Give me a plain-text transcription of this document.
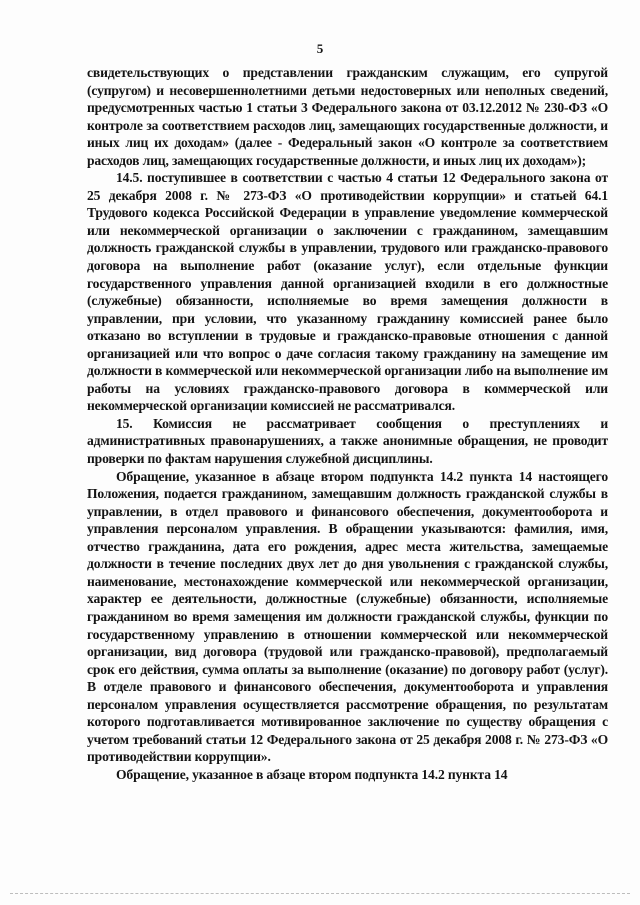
5

свидетельствующих о представлении гражданским служащим, его супругой (супругом) и несовершеннолетними детьми недостоверных или неполных сведений, предусмотренных частью 1 статьи 3 Федерального закона от 03.12.2012 № 230-ФЗ «О контроле за соответствием расходов лиц, замещающих государственные должности, и иных лиц их доходам» (далее - Федеральный закон «О контроле за соответствием расходов лиц, замещающих государственные должности, и иных лиц их доходам»);

14.5. поступившее в соответствии с частью 4 статьи 12 Федерального закона от 25 декабря 2008 г. № 273-ФЗ «О противодействии коррупции» и статьей 64.1 Трудового кодекса Российской Федерации в управление уведомление коммерческой или некоммерческой организации о заключении с гражданином, замещавшим должность гражданской службы в управлении, трудового или гражданско-правового договора на выполнение работ (оказание услуг), если отдельные функции государственного управления данной организацией входили в его должностные (служебные) обязанности, исполняемые во время замещения должности в управлении, при условии, что указанному гражданину комиссией ранее было отказано во вступлении в трудовые и гражданско-правовые отношения с данной организацией или что вопрос о даче согласия такому гражданину на замещение им должности в коммерческой или некоммерческой организации либо на выполнение им работы на условиях гражданско-правового договора в коммерческой или некоммерческой организации комиссией не рассматривался.

15. Комиссия не рассматривает сообщения о преступлениях и административных правонарушениях, а также анонимные обращения, не проводит проверки по фактам нарушения служебной дисциплины.

Обращение, указанное в абзаце втором подпункта 14.2 пункта 14 настоящего Положения, подается гражданином, замещавшим должность гражданской службы в управлении, в отдел правового и финансового обеспечения, документооборота и управления персоналом управления. В обращении указываются: фамилия, имя, отчество гражданина, дата его рождения, адрес места жительства, замещаемые должности в течение последних двух лет до дня увольнения с гражданской службы, наименование, местонахождение коммерческой или некоммерческой организации, характер ее деятельности, должностные (служебные) обязанности, исполняемые гражданином во время замещения им должности гражданской службы, функции по государственному управлению в отношении коммерческой или некоммерческой организации, вид договора (трудовой или гражданско-правовой), предполагаемый срок его действия, сумма оплаты за выполнение (оказание) по договору работ (услуг). В отделе правового и финансового обеспечения, документооборота и управления персоналом управления осуществляется рассмотрение обращения, по результатам которого подготавливается мотивированное заключение по существу обращения с учетом требований статьи 12 Федерального закона от 25 декабря 2008 г. № 273-ФЗ «О противодействии коррупции».

Обращение, указанное в абзаце втором подпункта 14.2 пункта 14
